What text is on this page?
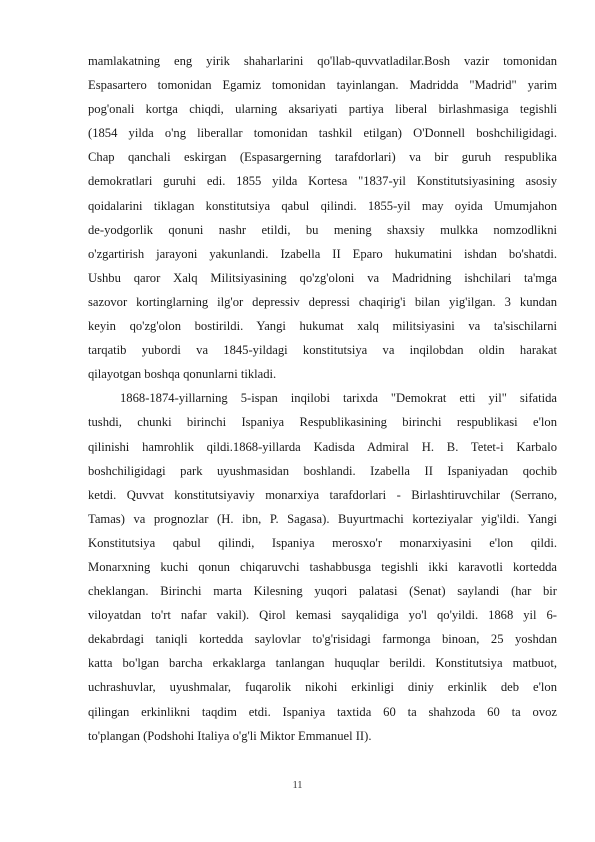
mamlakatning eng yirik shaharlarini qo'llab-quvvatladilar.Bosh vazir tomonidan
Espasartero tomonidan Egamiz tomonidan tayinlangan. Madridda "Madrid" yarim
pog'onali kortga chiqdi, ularning aksariyati partiya liberal birlashmasiga tegishli
(1854 yilda o'ng liberallar tomonidan tashkil etilgan) O'Donnell boshchiligidagi.
Chap qanchali eskirgan (Espasargerning tarafdorlari) va bir guruh respublika
demokratlari guruhi edi. 1855 yilda Kortesa "1837-yil Konstitutsiyasining asosiy
qoidalarini tiklagan konstitutsiya qabul qilindi. 1855-yil may oyida Umumjahon
de-yodgorlik qonuni nashr etildi, bu mening shaxsiy mulkka nomzodlikni
o'zgartirish jarayoni yakunlandi. Izabella II Eparo hukumatini ishdan bo'shatdi.
Ushbu qaror Xalq Militsiyasining qo'zg'oloni va Madridning ishchilari ta'mga
sazovor kortinglarning ilg'or depressiv depressi chaqirig'i bilan yig'ilgan. 3 kundan
keyin qo'zg'olon bostirildi. Yangi hukumat xalq militsiyasini va ta'sischilarni
tarqatib yubordi va 1845-yildagi konstitutsiya va inqilobdan oldin harakat
qilayotgan boshqa qonunlarni tikladi.

1868-1874-yillarning 5-ispan inqilobi tarixda "Demokrat etti yil" sifatida
tushdi, chunki birinchi Ispaniya Respublikasining birinchi respublikasi e'lon
qilinishi hamrohlik qildi.1868-yillarda Kadisda Admiral H. B. Tetet-i Karbalo
boshchiligidagi park uyushmasidan boshlandi. Izabella II Ispaniyadan qochib
ketdi. Quvvat konstitutsiyaviy monarxiya tarafdorlari - Birlashtiruvchilar (Serrano,
Tamas) va prognozlar (H. ibn, P. Sagasa). Buyurtmachi korteziyalar yig'ildi. Yangi
Konstitutsiya qabul qilindi, Ispaniya merosxo'r monarxiyasini e'lon qildi.
Monarxning kuchi qonun chiqaruvchi tashabbusga tegishli ikki karavotli kortedda
cheklangan. Birinchi marta Kilesning yuqori palatasi (Senat) saylandi (har bir
viloyatdan to'rt nafar vakil). Qirol kemasi sayqalidiga yo'l qo'yildi. 1868 yil 6-
dekabrdagi taniqli kortedda saylovlar to'g'risidagi farmonga binoan, 25 yoshdan
katta bo'lgan barcha erkaklarga tanlangan huquqlar berildi. Konstitutsiya matbuot,
uchrashuvlar, uyushmalar, fuqarolik nikohi erkinligi diniy erkinlik deb e'lon
qilingan erkinlikni taqdim etdi. Ispaniya taxtida 60 ta shahzoda 60 ta ovoz
to'plangan (Podshohi Italiya o'g'li Miktor Emmanuel II).

11
